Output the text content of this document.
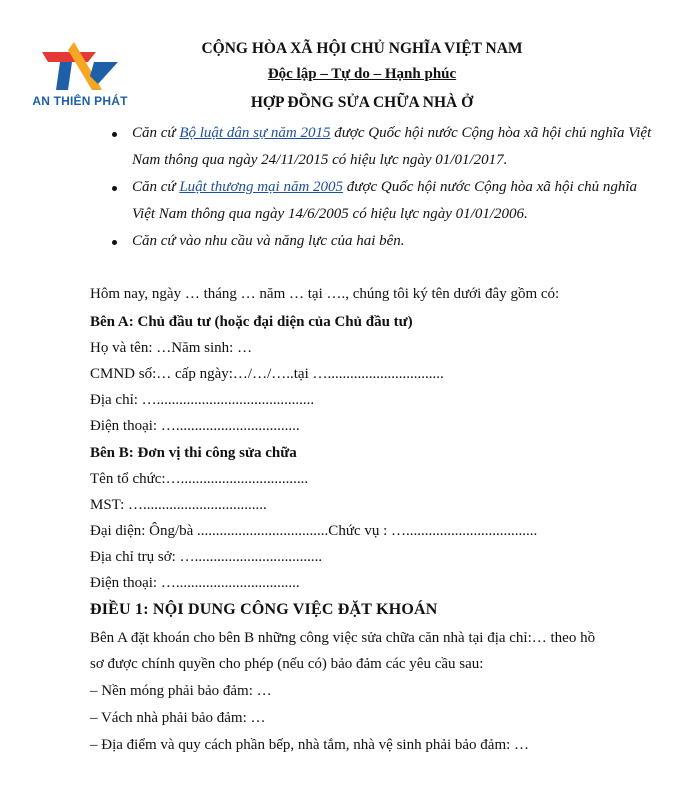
AN THIÊN PHÁT
CỘNG HÒA XÃ HỘI CHỦ NGHĨA VIỆT NAM
Độc lập – Tự do – Hạnh phúc
HỢP ĐỒNG SỬA CHỮA NHÀ Ở
Căn cứ Bộ luật dân sự năm 2015 được Quốc hội nước Cộng hòa xã hội chủ nghĩa Việt Nam thông qua ngày 24/11/2015 có hiệu lực ngày 01/01/2017.
Căn cứ Luật thương mại năm 2005 được Quốc hội nước Cộng hòa xã hội chủ nghĩa Việt Nam thông qua ngày 14/6/2005 có hiệu lực ngày 01/01/2006.
Căn cứ vào nhu cầu và năng lực của hai bên.
Hôm nay, ngày … tháng … năm … tại …., chúng tôi ký tên dưới đây gồm có:
Bên A: Chủ đầu tư (hoặc đại diện của Chủ đầu tư)
Họ và tên: …Năm sinh: …
CMND số:… cấp ngày:…/…/…..tại …...............................
Địa chỉ: …..........................................
Điện thoại: ….................................
Bên B: Đơn vị thi công sửa chữa
Tên tổ chức:…..................................
MST: ….................................
Đại diện: Ông/bà ...................................Chức vụ : …...................................
Địa chỉ trụ sở: …..................................
Điện thoại: ….................................
ĐIỀU 1: NỘI DUNG CÔNG VIỆC ĐẶT KHOÁN
Bên A đặt khoán cho bên B những công việc sửa chữa căn nhà tại địa chỉ:… theo hồ
sơ được chính quyền cho phép (nếu có) bảo đảm các yêu cầu sau:
– Nền móng phải bảo đảm: …
– Vách nhà phải bảo đảm: …
– Địa điểm và quy cách phần bếp, nhà tắm, nhà vệ sinh phải bảo đảm: …
